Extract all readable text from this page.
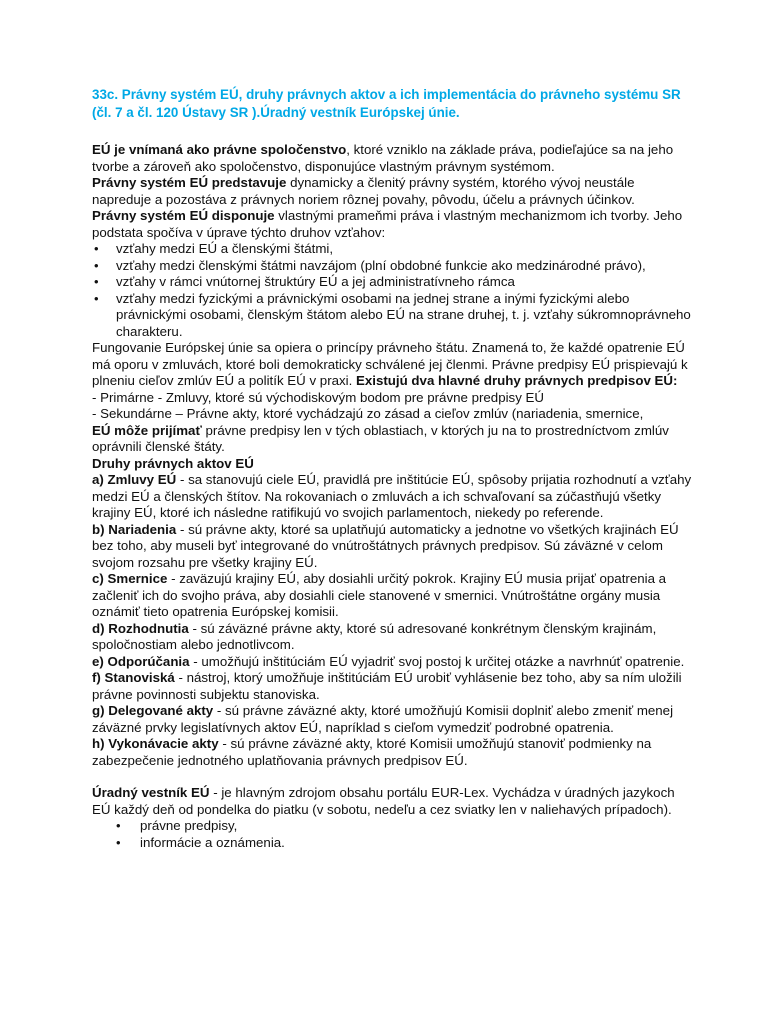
33c. Právny systém EÚ, druhy právnych aktov a ich implementácia do právneho systému SR (čl. 7 a čl. 120 Ústavy SR ).Úradný vestník Európskej únie.

EÚ je vnímaná ako právne spoločenstvo, ktoré vzniklo na základe práva, podieľajúce sa na jeho tvorbe a zároveň ako spoločenstvo, disponujúce vlastným právnym systémom.

Právny systém EÚ predstavuje dynamicky a členitý právny systém, ktorého vývoj neustále napreduje a pozostáva z právnych noriem rôznej povahy, pôvodu, účelu a právnych účinkov.

Právny systém EÚ disponuje vlastnými prameňmi práva i vlastným mechanizmom ich tvorby. Jeho podstata spočíva v úprave týchto druhov vzťahov:

• vzťahy medzi EÚ a členskými štátmi,
• vzťahy medzi členskými štátmi navzájom (plní obdobné funkcie ako medzinárodné právo),
• vzťahy v rámci vnútornej štruktúry EÚ a jej administratívneho rámca
• vzťahy medzi fyzickými a právnickými osobami na jednej strane a inými fyzickými alebo právnickými osobami, členským štátom alebo EÚ na strane druhej, t. j. vzťahy súkromnoprávneho charakteru.

Fungovanie Európskej únie sa opiera o princípy právneho štátu. Znamená to, že každé opatrenie EÚ má oporu v zmluvách, ktoré boli demokraticky schválené jej členmi. Právne predpisy EÚ prispievajú k plneniu cieľov zmlúv EÚ a politík EÚ v praxi. Existujú dva hlavné druhy právnych predpisov EÚ:

- Primárne - Zmluvy, ktoré sú východiskovým bodom pre právne predpisy EÚ

- Sekundárne – Právne akty, ktoré vychádzajú zo zásad a cieľov zmlúv (nariadenia, smernice,

EÚ môže prijímať právne predpisy len v tých oblastiach, v ktorých ju na to prostredníctvom zmlúv oprávnili členské štáty.

Druhy právnych aktov EÚ

a) Zmluvy EÚ - sa stanovujú ciele EÚ, pravidlá pre inštitúcie EÚ, spôsoby prijatia rozhodnutí a vzťahy medzi EÚ a členských štítov. Na rokovaniach o zmluvách a ich schvaľovaní sa zúčastňujú všetky krajiny EÚ, ktoré ich následne ratifikujú vo svojich parlamentoch, niekedy po referende.

b) Nariadenia - sú právne akty, ktoré sa uplatňujú automaticky a jednotne vo všetkých krajinách EÚ bez toho, aby museli byť integrované do vnútroštátnych právnych predpisov. Sú záväzné v celom svojom rozsahu pre všetky krajiny EÚ.

c) Smernice - zaväzujú krajiny EÚ, aby dosiahli určitý pokrok. Krajiny EÚ musia prijať opatrenia a začleniť ich do svojho práva, aby dosiahli ciele stanovené v smernici. Vnútroštátne orgány musia oznámiť tieto opatrenia Európskej komisii.

d) Rozhodnutia - sú záväzné právne akty, ktoré sú adresované konkrétnym členským krajinám, spoločnostiam alebo jednotlivcom.

e) Odporúčania - umožňujú inštitúciám EÚ vyjadriť svoj postoj k určitej otázke a navrhnúť opatrenie.

f) Stanoviská - nástroj, ktorý umožňuje inštitúciám EÚ urobiť vyhlásenie bez toho, aby sa ním uložili právne povinnosti subjektu stanoviska.

g) Delegované akty - sú právne záväzné akty, ktoré umožňujú Komisii doplniť alebo zmeniť menej záväzné prvky legislatívnych aktov EÚ, napríklad s cieľom vymedziť podrobné opatrenia.

h) Vykonávacie akty - sú právne záväzné akty, ktoré Komisii umožňujú stanoviť podmienky na zabezpečenie jednotného uplatňovania právnych predpisov EÚ.

Úradný vestník EÚ - je hlavným zdrojom obsahu portálu EUR-Lex. Vychádza v úradných jazykoch EÚ každý deň od pondelka do piatku (v sobotu, nedeľu a cez sviatky len v naliehavých prípadoch).

• právne predpisy,
• informácie a oznámenia.
